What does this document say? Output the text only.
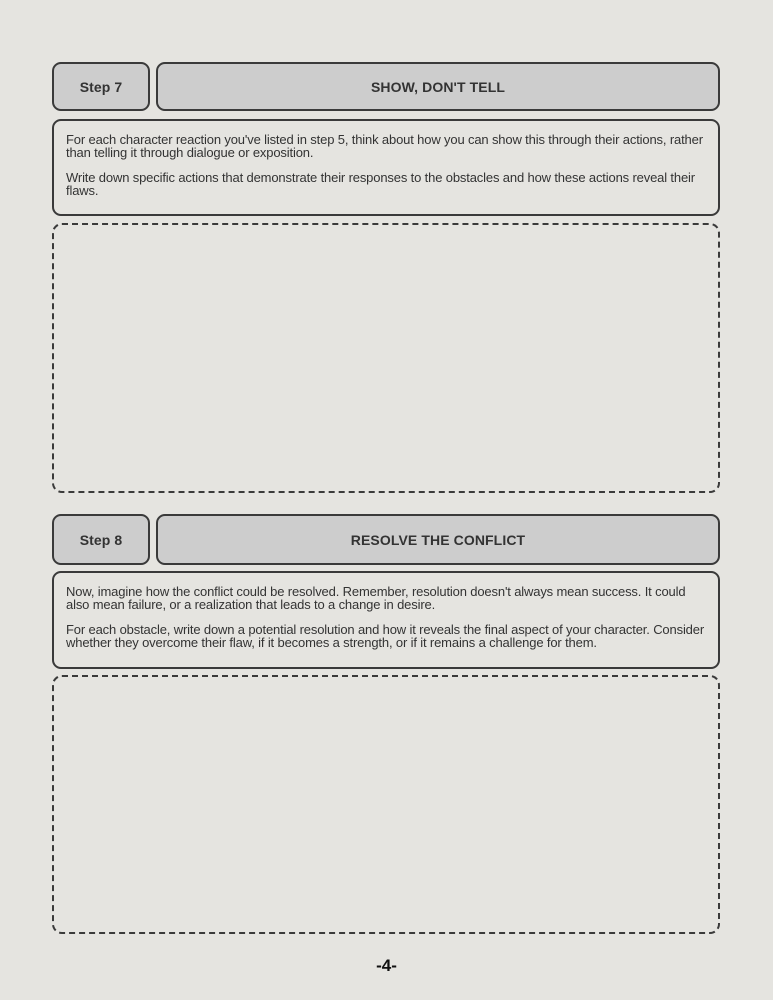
Step 7	SHOW, DON'T TELL

For each character reaction you've listed in step 5, think about how you can show this through their actions, rather than telling it through dialogue or exposition.

Write down specific actions that demonstrate their responses to the obstacles and how these actions reveal their flaws.

Step 8	RESOLVE THE CONFLICT

Now, imagine how the conflict could be resolved. Remember, resolution doesn't always mean success. It could also mean failure, or a realization that leads to a change in desire.

For each obstacle, write down a potential resolution and how it reveals the final aspect of your character. Consider whether they overcome their flaw, if it becomes a strength, or if it remains a challenge for them.

-4-
